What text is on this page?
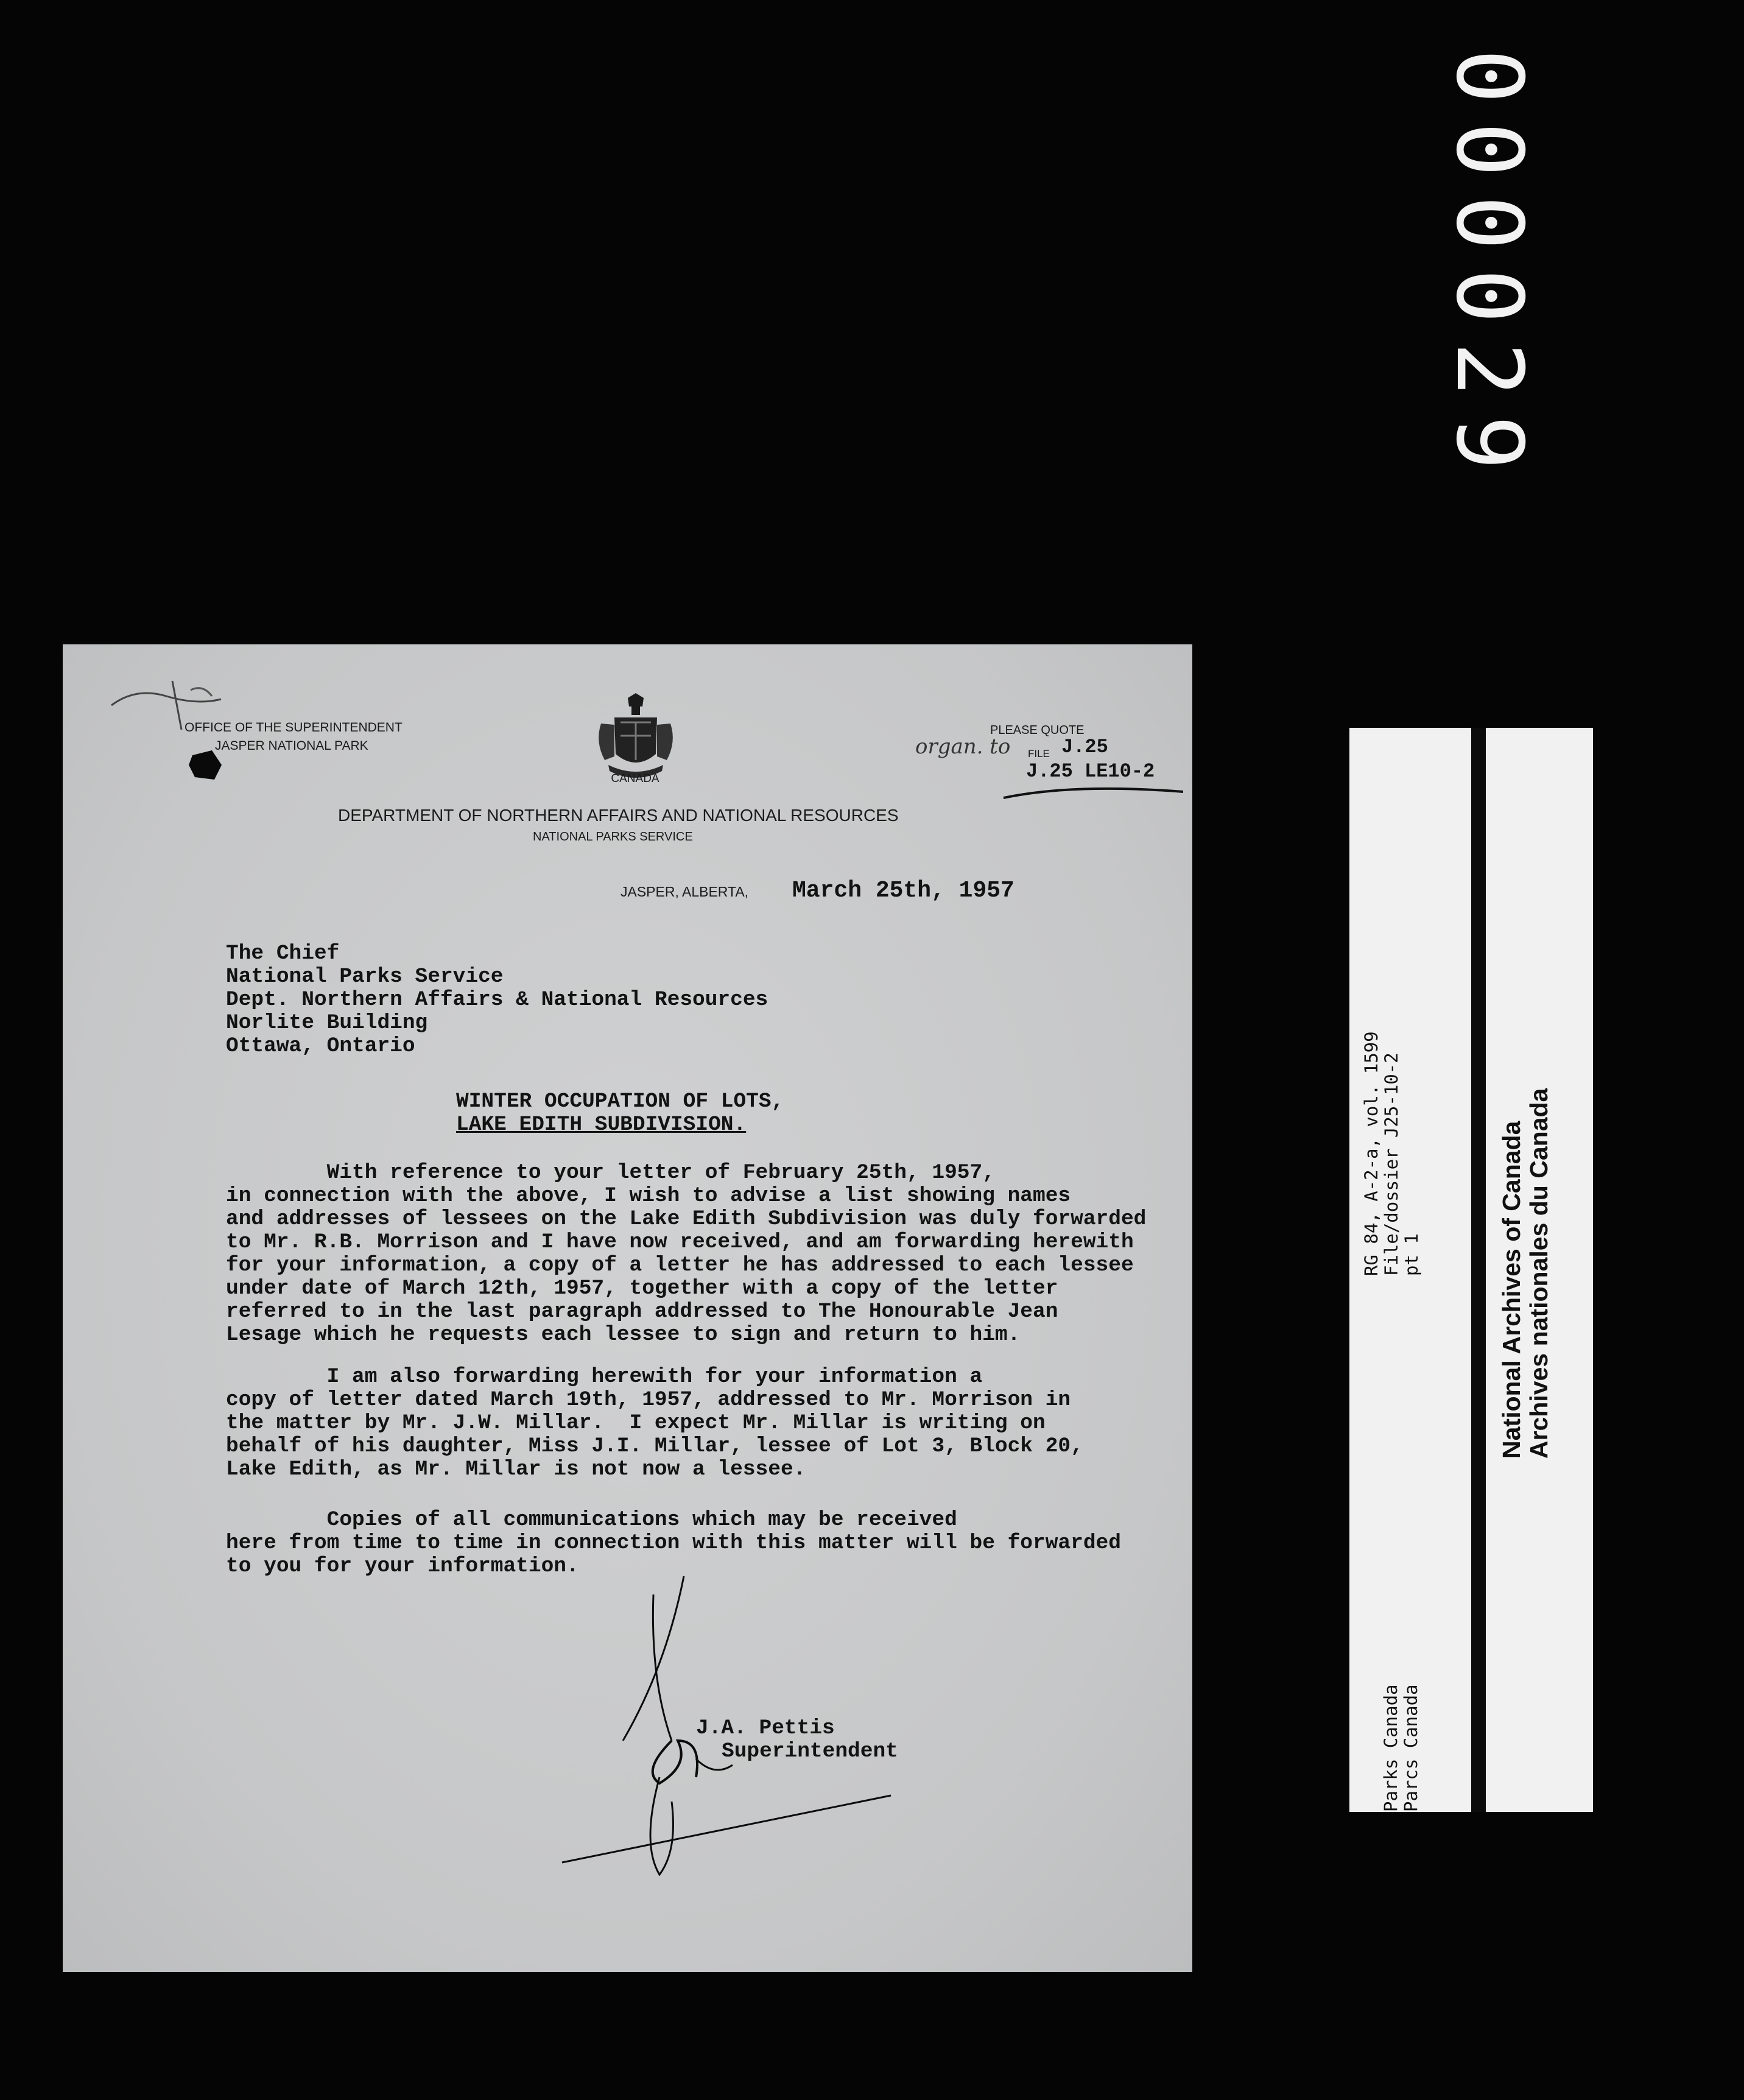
000029
OFFICE OF THE SUPERINTENDENT
JASPER NATIONAL PARK
CANADA
PLEASE QUOTE
organ. to FILE J.25
J.25 LE10-2
DEPARTMENT OF NORTHERN AFFAIRS AND NATIONAL RESOURCES
NATIONAL PARKS SERVICE
JASPER, ALBERTA, March 25th, 1957
The Chief
National Parks Service
Dept. Northern Affairs & National Resources
Norlite Building
Ottawa, Ontario
WINTER OCCUPATION OF LOTS,
LAKE EDITH SUBDIVISION.
With reference to your letter of February 25th, 1957,
in connection with the above, I wish to advise a list showing names
and addresses of lessees on the Lake Edith Subdivision was duly forwarded
to Mr. R.B. Morrison and I have now received, and am forwarding herewith
for your information, a copy of a letter he has addressed to each lessee
under date of March 12th, 1957, together with a copy of the letter
referred to in the last paragraph addressed to The Honourable Jean
Lesage which he requests each lessee to sign and return to him.
I am also forwarding herewith for your information a
copy of letter dated March 19th, 1957, addressed to Mr. Morrison in
the matter by Mr. J.W. Millar.  I expect Mr. Millar is writing on
behalf of his daughter, Miss J.I. Millar, lessee of Lot 3, Block 20,
Lake Edith, as Mr. Millar is not now a lessee.
Copies of all communications which may be received
here from time to time in connection with this matter will be forwarded
to you for your information.
J.A. Pettis
Superintendent
RG 84, A-2-a, vol. 1599 File/dossier J25-10-2 pt 1
Parks Canada Parcs Canada
National Archives of Canada Archives nationales du Canada
